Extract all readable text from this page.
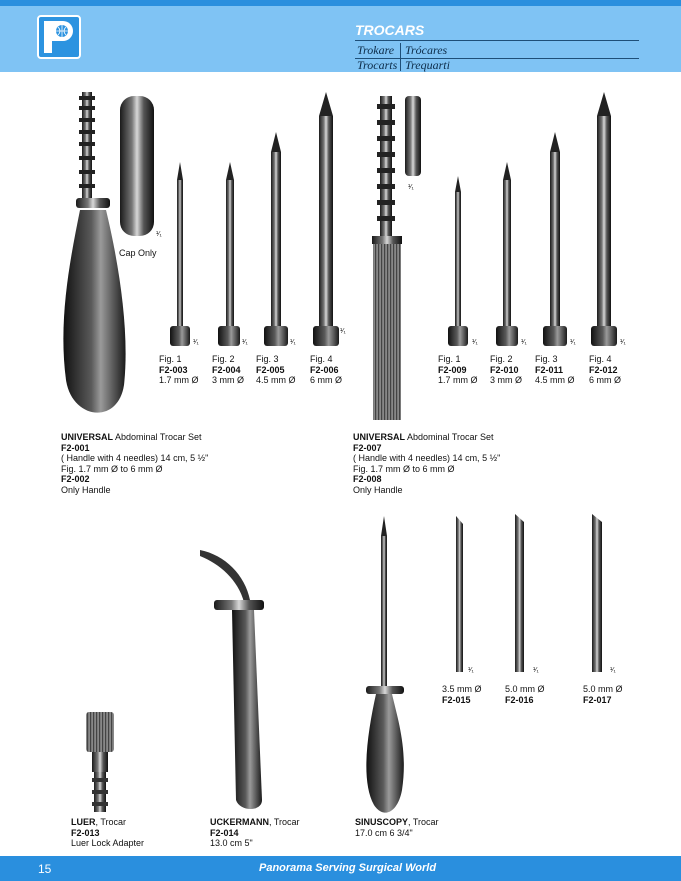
TROCARS
Trokare Trócares
Trocarts Trequarti
¹⁄₁
Cap Only
¹⁄₁	¹⁄₁	¹⁄₁
¹⁄₁
Fig. 1
F2-003
1.7 mm Ø
Fig. 2
F2-004
3 mm Ø
Fig. 3
F2-005
4.5 mm Ø
Fig. 4
F2-006
6 mm Ø
UNIVERSAL Abdominal Trocar Set
F2-001
( Handle with 4 needles) 14 cm, 5 ½"
Fig. 1.7 mm Ø to 6 mm Ø
F2-002
Only Handle
¹⁄₁
¹⁄₁	¹⁄₁	¹⁄₁	¹⁄₁
Fig. 1
F2-009
1.7 mm Ø
Fig. 2
F2-010
3 mm Ø
Fig. 3
F2-011
4.5 mm Ø
Fig. 4
F2-012
6 mm Ø
UNIVERSAL Abdominal Trocar Set
F2-007
( Handle with 4 needles) 14 cm, 5 ½"
Fig. 1.7 mm Ø to 6 mm Ø
F2-008
Only Handle
¹⁄₁	¹⁄₁	¹⁄₁
3.5 mm Ø
F2-015
5.0 mm Ø
F2-016
5.0 mm Ø
F2-017
LUER, Trocar
F2-013
Luer Lock Adapter
UCKERMANN, Trocar
F2-014
13.0 cm 5"
SINUSCOPY, Trocar
17.0 cm 6 3/4"
15	Panorama Serving Surgical World
